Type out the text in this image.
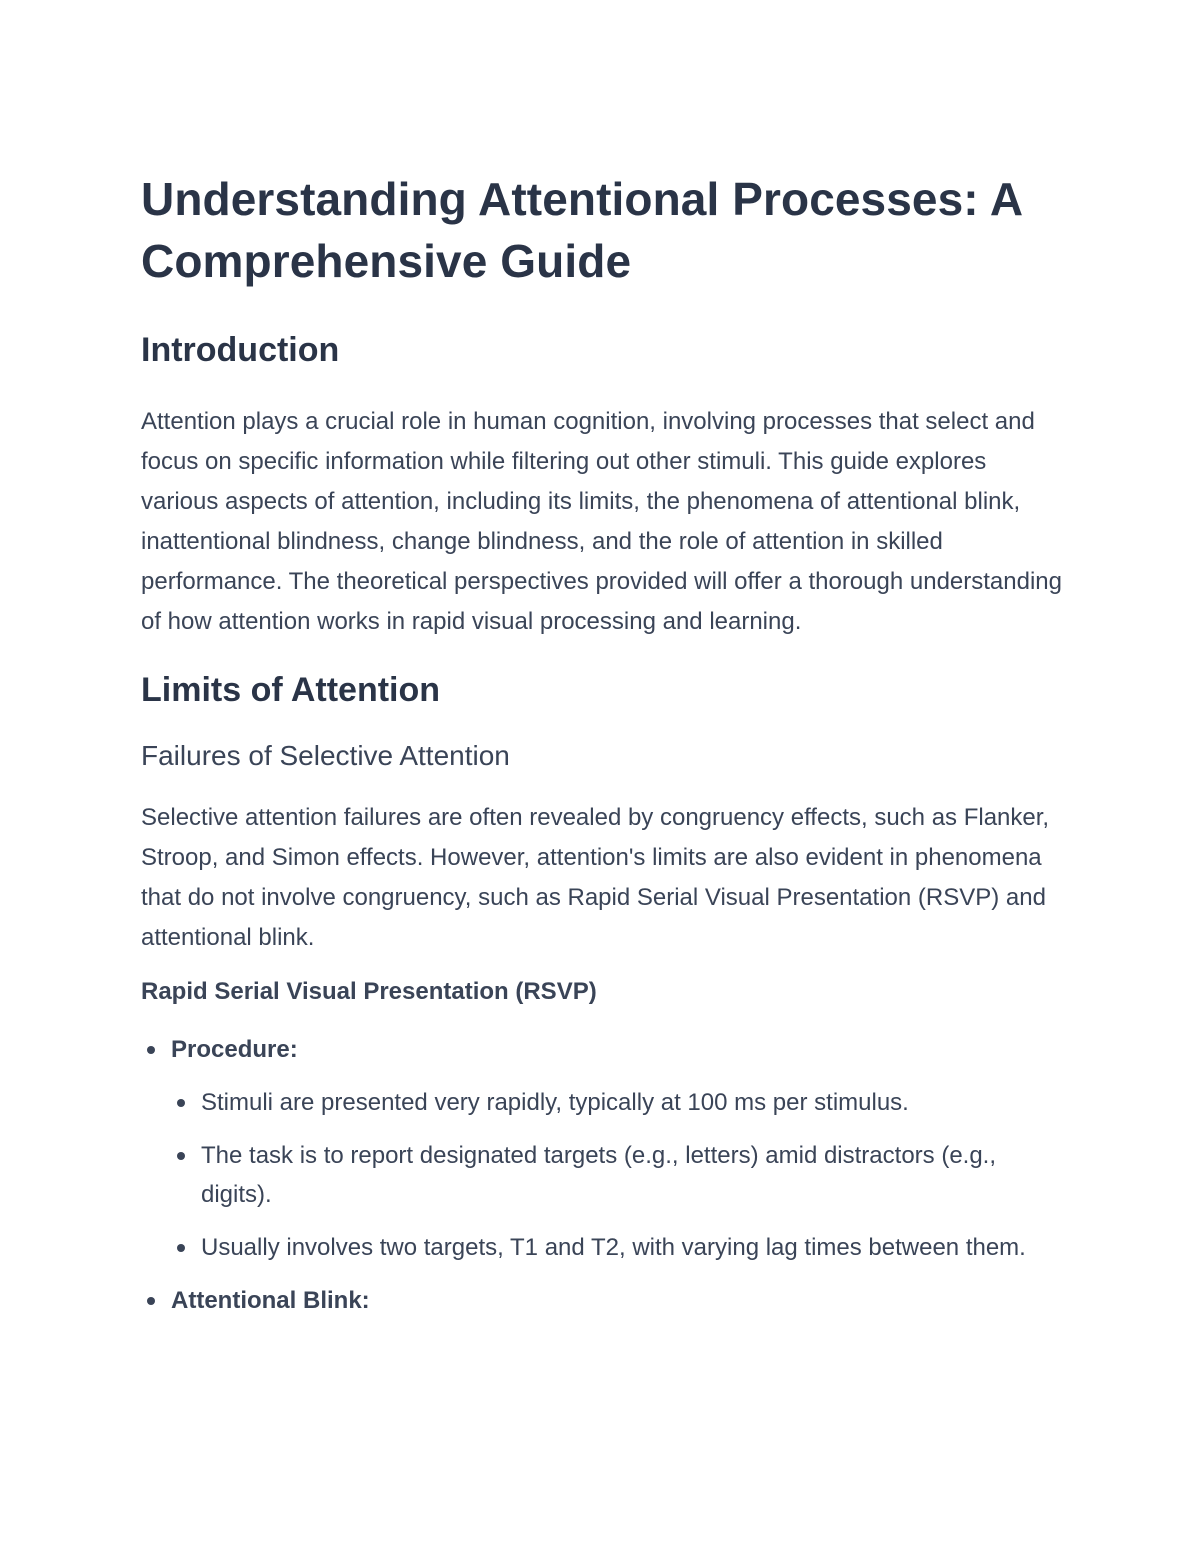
Understanding Attentional Processes: A Comprehensive Guide
Introduction

Attention plays a crucial role in human cognition, involving processes that select and focus on specific information while filtering out other stimuli. This guide explores various aspects of attention, including its limits, the phenomena of attentional blink, inattentional blindness, change blindness, and the role of attention in skilled performance. The theoretical perspectives provided will offer a thorough understanding of how attention works in rapid visual processing and learning.

Limits of Attention
Failures of Selective Attention

Selective attention failures are often revealed by congruency effects, such as Flanker, Stroop, and Simon effects. However, attention's limits are also evident in phenomena that do not involve congruency, such as Rapid Serial Visual Presentation (RSVP) and attentional blink.

Rapid Serial Visual Presentation (RSVP)
Procedure:
Stimuli are presented very rapidly, typically at 100 ms per stimulus.
The task is to report designated targets (e.g., letters) amid distractors (e.g., digits).
Usually involves two targets, T1 and T2, with varying lag times between them.
Attentional Blink:
